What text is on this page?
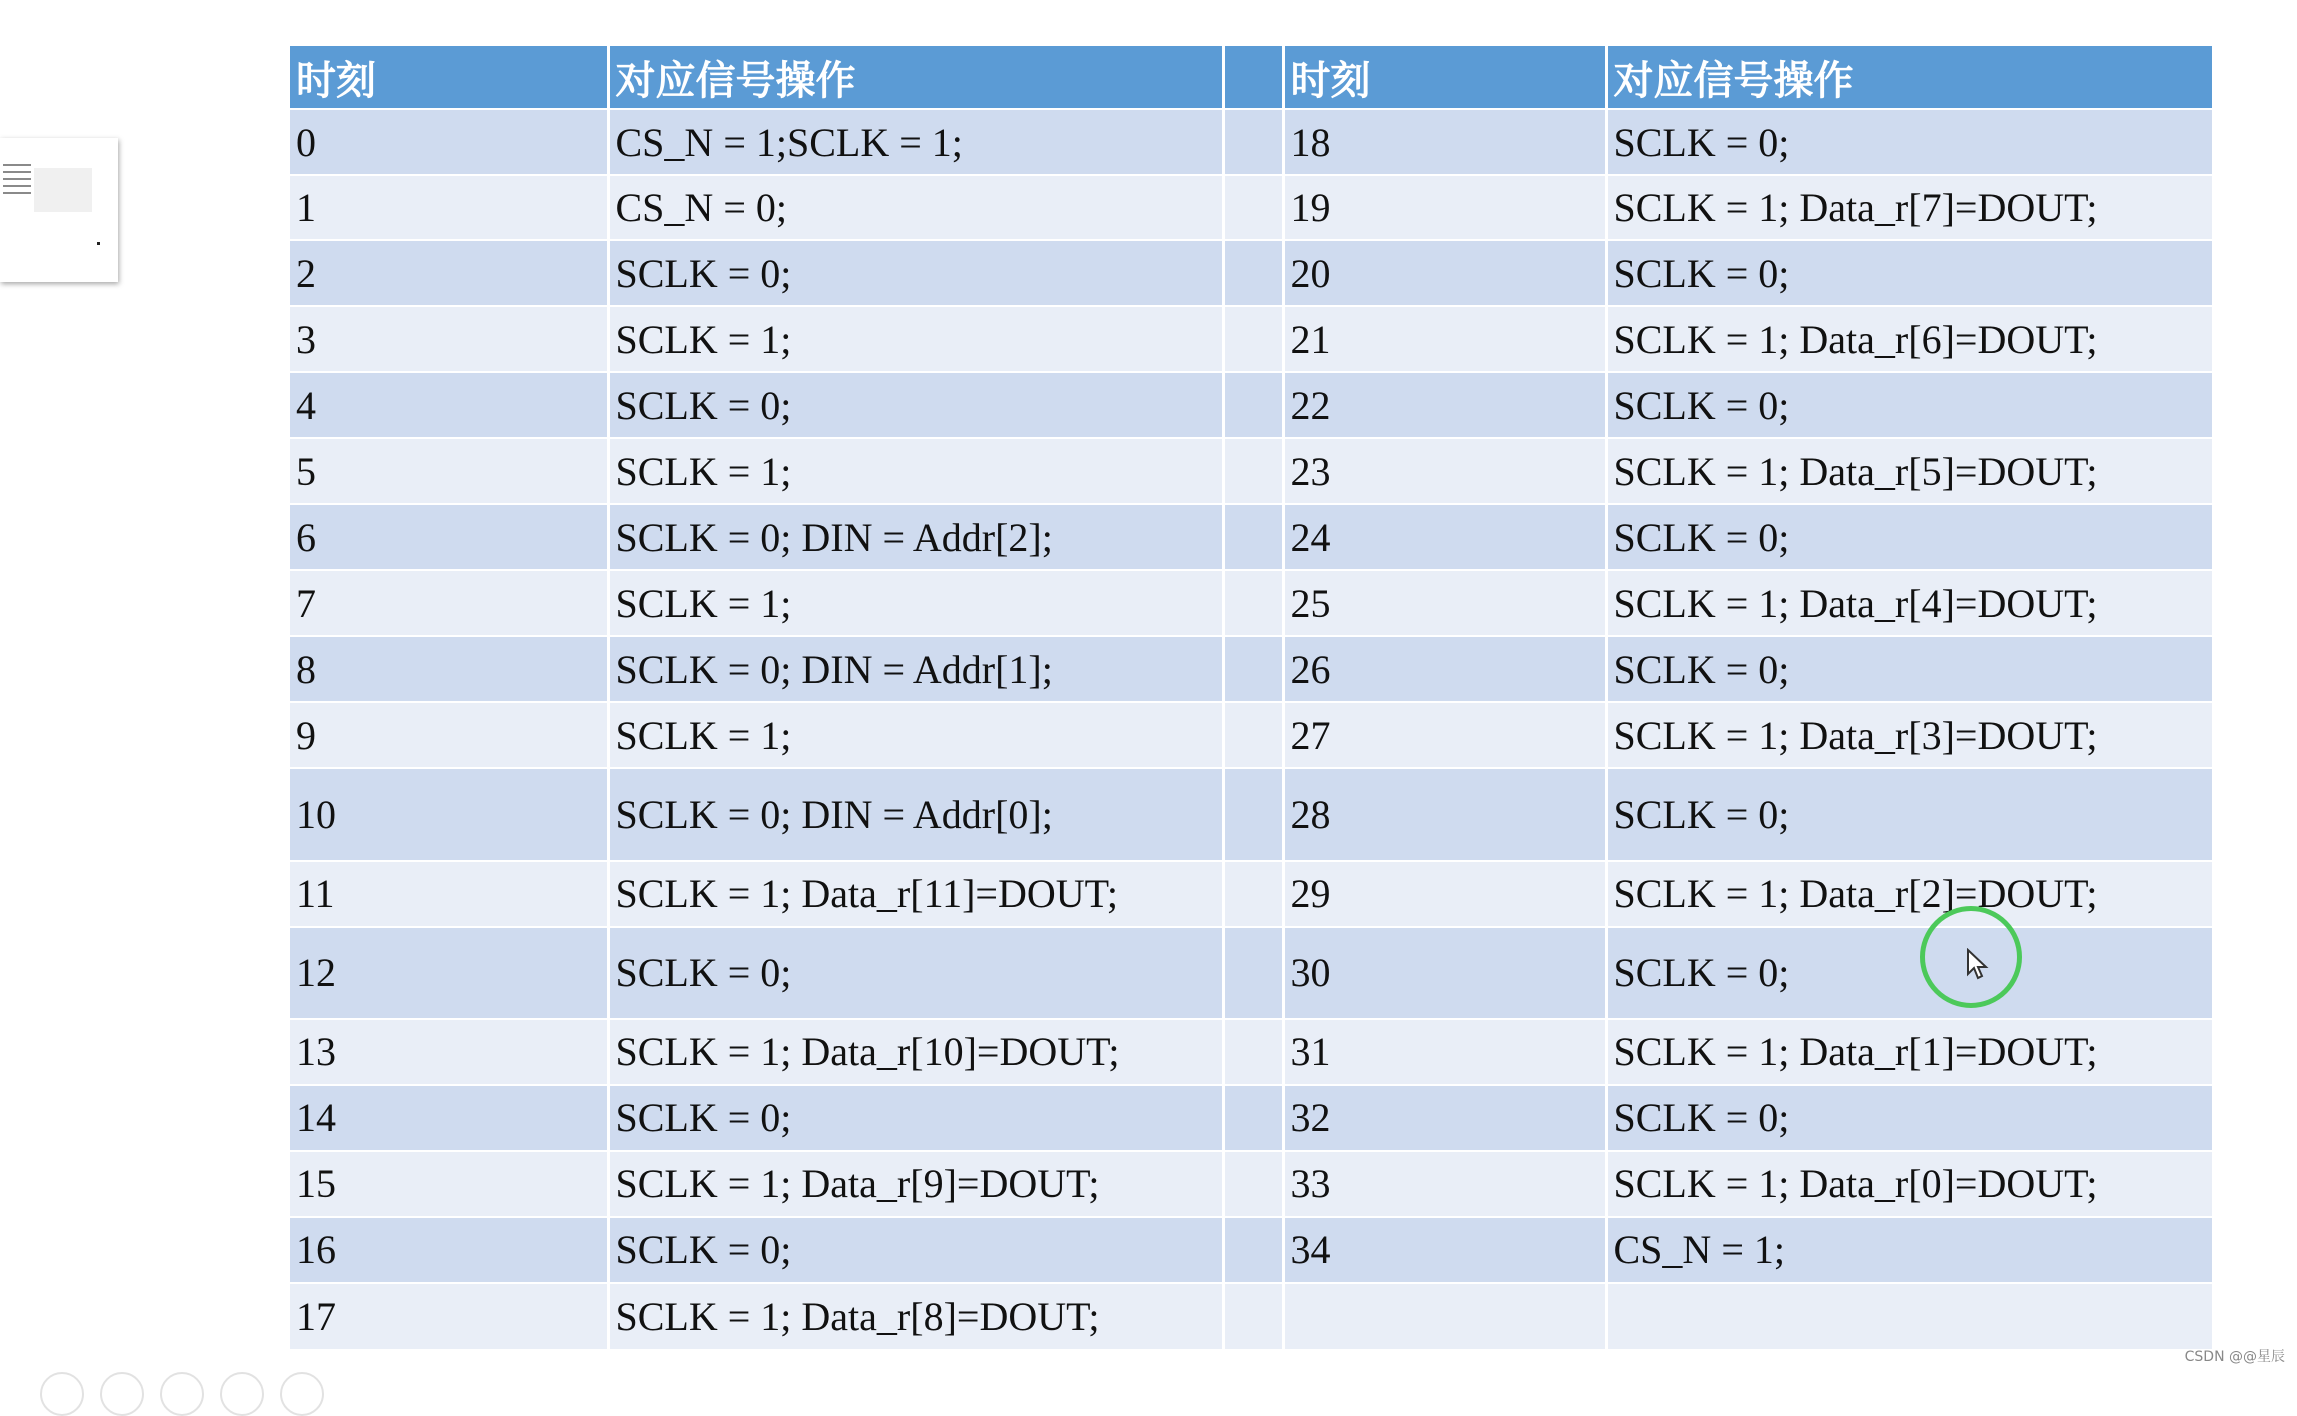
时刻	对应信号操作		时刻	对应信号操作
0	CS_N = 1;SCLK = 1;		18	SCLK = 0;
1	CS_N = 0;		19	SCLK = 1; Data_r[7]=DOUT;
2	SCLK = 0;		20	SCLK = 0;
3	SCLK = 1;		21	SCLK = 1; Data_r[6]=DOUT;
4	SCLK = 0;		22	SCLK = 0;
5	SCLK = 1;		23	SCLK = 1; Data_r[5]=DOUT;
6	SCLK = 0; DIN = Addr[2];		24	SCLK = 0;
7	SCLK = 1;		25	SCLK = 1; Data_r[4]=DOUT;
8	SCLK = 0; DIN = Addr[1];		26	SCLK = 0;
9	SCLK = 1;		27	SCLK = 1; Data_r[3]=DOUT;
10	SCLK = 0; DIN = Addr[0];		28	SCLK = 0;
11	SCLK = 1; Data_r[11]=DOUT;		29	SCLK = 1; Data_r[2]=DOUT;
12	SCLK = 0;		30	SCLK = 0;
13	SCLK = 1; Data_r[10]=DOUT;		31	SCLK = 1; Data_r[1]=DOUT;
14	SCLK = 0;		32	SCLK = 0;
15	SCLK = 1; Data_r[9]=DOUT;		33	SCLK = 1; Data_r[0]=DOUT;
16	SCLK = 0;		34	CS_N = 1;
17	SCLK = 1; Data_r[8]=DOUT;			
CSDN @@星辰
